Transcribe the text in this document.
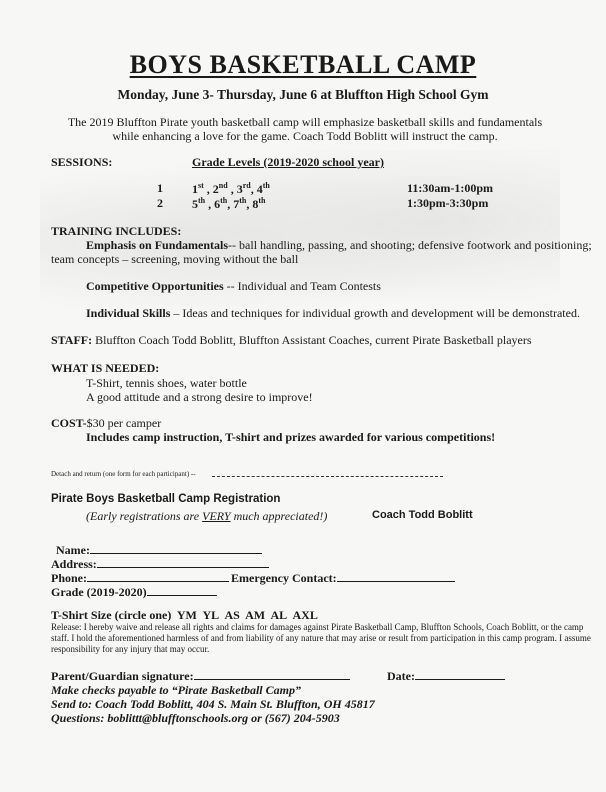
BOYS BASKETBALL CAMP
Monday, June 3- Thursday, June 6 at Bluffton High School Gym
The 2019 Bluffton Pirate youth basketball camp will emphasize basketball skills and fundamentals while enhancing a love for the game. Coach Todd Boblitt will instruct the camp.
SESSIONS:	Grade Levels (2019-2020 school year)
1 1st , 2nd , 3rd, 4th	11:30am-1:00pm
2 5th , 6th, 7th, 8th	1:30pm-3:30pm
TRAINING INCLUDES:
Emphasis on Fundamentals-- ball handling, passing, and shooting; defensive footwork and positioning;
team concepts – screening, moving without the ball
Competitive Opportunities -- Individual and Team Contests
Individual Skills – Ideas and techniques for individual growth and development will be demonstrated.
STAFF: Bluffton Coach Todd Boblitt, Bluffton Assistant Coaches, current Pirate Basketball players
WHAT IS NEEDED:
T-Shirt, tennis shoes, water bottle
A good attitude and a strong desire to improve!
COST-$30 per camper
Includes camp instruction, T-shirt and prizes awarded for various competitions!
Detach and return (one form for each participant) --
Pirate Boys Basketball Camp Registration
(Early registrations are VERY much appreciated!)	Coach Todd Boblitt
Name:
Address:
Phone:	Emergency Contact:
Grade (2019-2020)
T-Shirt Size (circle one) YM YL AS AM AL AXL
Release: I hereby waive and release all rights and claims for damages against Pirate Basketball Camp, Bluffton Schools, Coach Boblitt, or the camp staff. I hold the aforementioned harmless of and from liability of any nature that may arise or result from participation in this camp program. I assume responsibility for any injury that may occur.
Parent/Guardian signature:	Date:
Make checks payable to “Pirate Basketball Camp”
Send to: Coach Todd Boblitt, 404 S. Main St. Bluffton, OH 45817
Questions: boblittt@blufftonschools.org or (567) 204-5903
